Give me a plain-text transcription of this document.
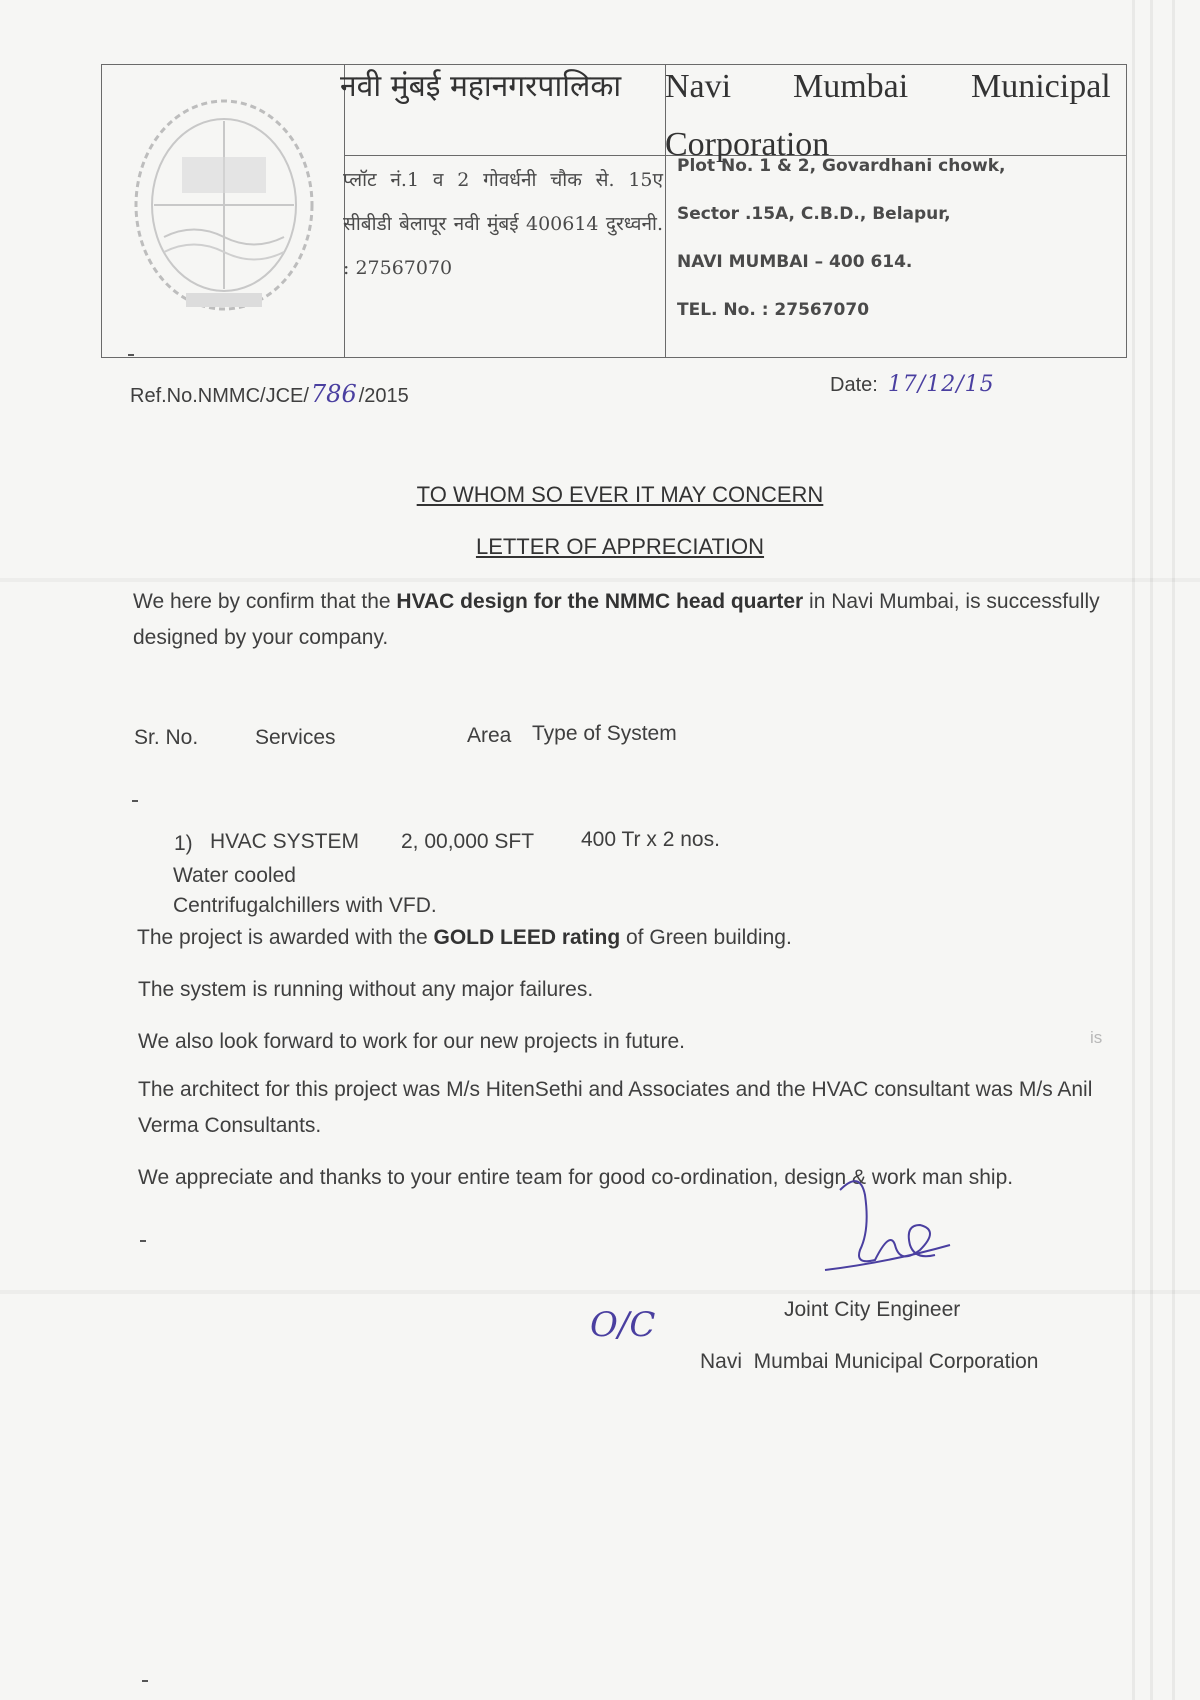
नवी मुंबई महानगरपालिका	Navi Mumbai Municipal
Corporation
प्लॉट नं.1 व 2 गोवर्धनी चौक से. 15ए सीबीडी बेलापूर नवी मुंबई 400614 दुरध्वनी. : 27567070
Plot No. 1 & 2, Govardhani chowk,
Sector .15A, C.B.D., Belapur,
NAVI MUMBAI – 400 614.
TEL. No. : 27567070
Ref.No.NMMC/JCE/786 /2015	Date: 17/12/15
TO WHOM SO EVER IT MAY CONCERN
LETTER OF APPRECIATION
We here by confirm that the HVAC design for the NMMC head quarter in Navi Mumbai, is successfully designed by your company.
Sr. No.	Services	Area Type of System
1) HVAC SYSTEM 2, 00,000 SFT 400 Tr x 2 nos.
Water cooled
Centrifugalchillers with VFD.
The project is awarded with the GOLD LEED rating of Green building.
The system is running without any major failures.
We also look forward to work for our new projects in future.	is
The architect for this project was M/s HitenSethi and Associates and the HVAC consultant was M/s Anil Verma Consultants.
We appreciate and thanks to your entire team for good co-ordination, design & work man ship.
O/C	Joint City Engineer
Navi  Mumbai Municipal Corporation
